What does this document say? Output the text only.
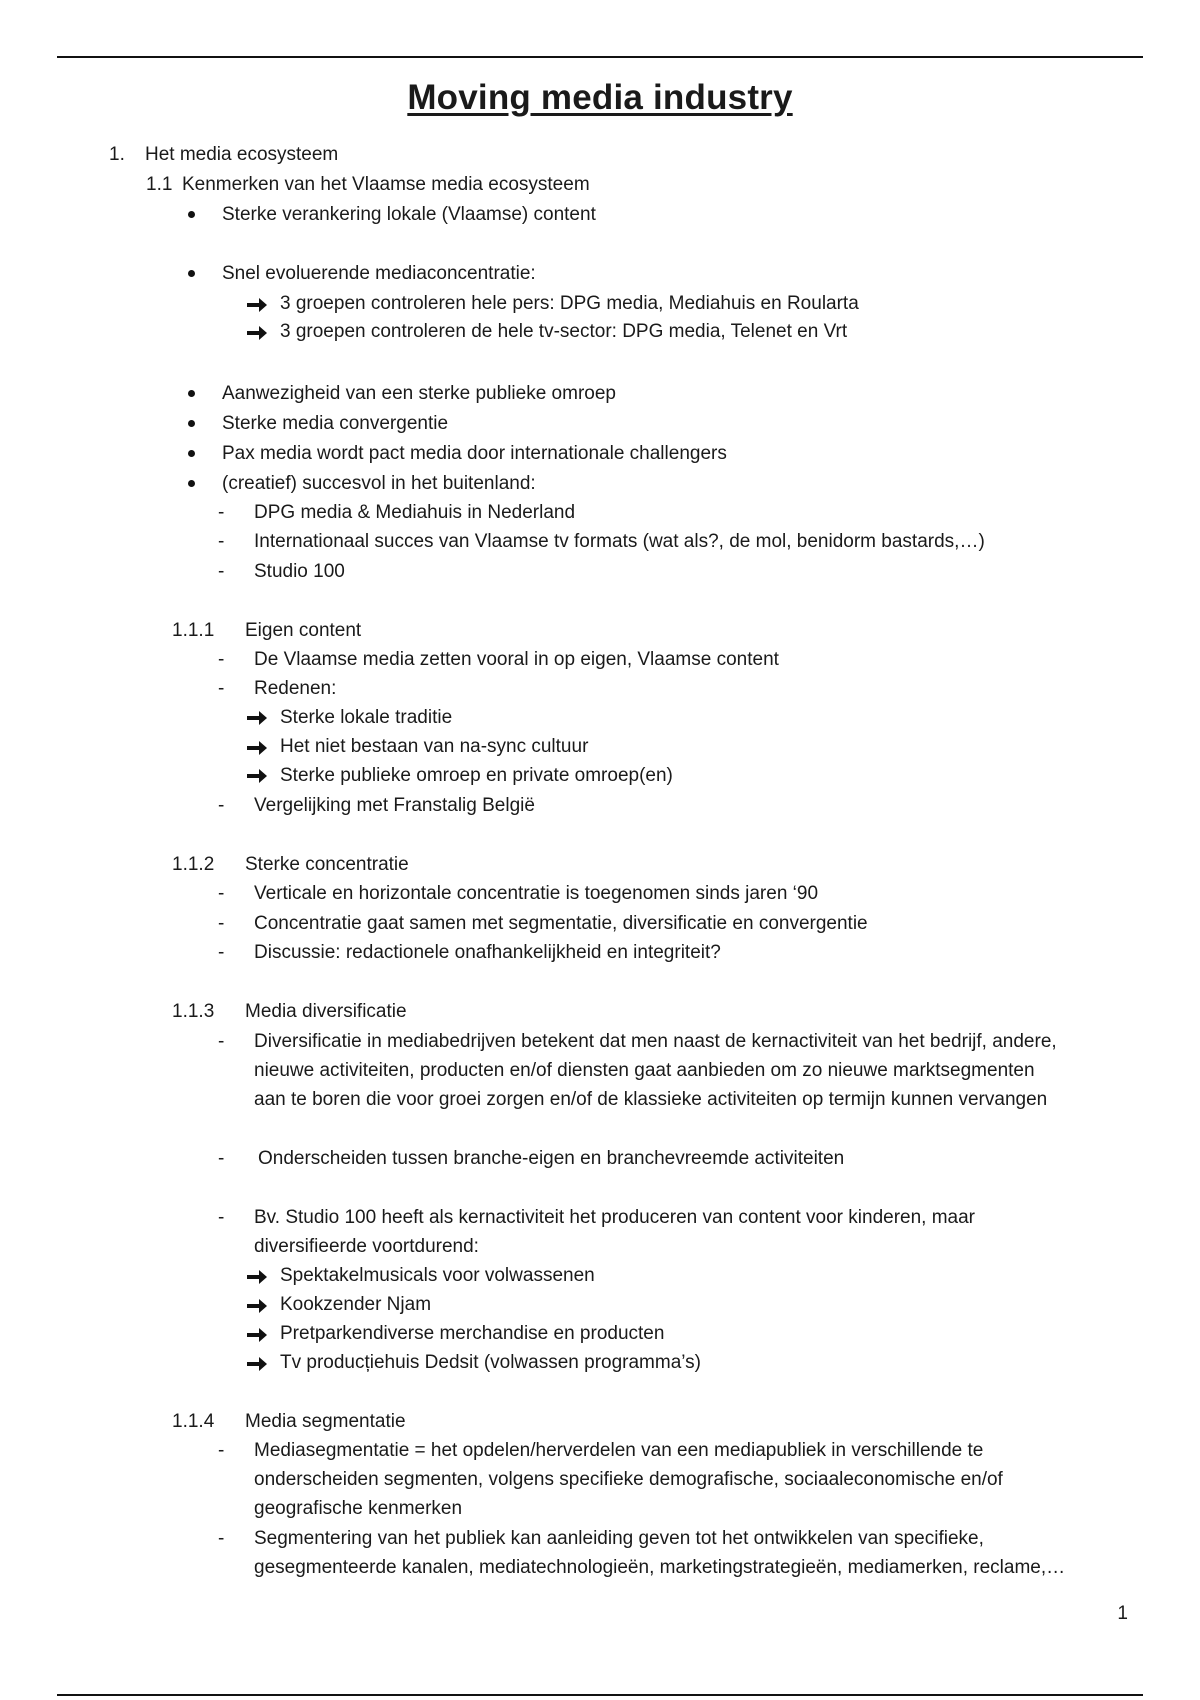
Moving media industry
1. Het media ecosysteem
1.1 Kenmerken van het Vlaamse media ecosysteem
Sterke verankering lokale (Vlaamse) content
Snel evoluerende mediaconcentratie:
3 groepen controleren hele pers: DPG media, Mediahuis en Roularta
3 groepen controleren de hele tv-sector: DPG media, Telenet en Vrt
Aanwezigheid van een sterke publieke omroep
Sterke media convergentie
Pax media wordt pact media door internationale challengers
(creatief) succesvol in het buitenland:
- DPG media & Mediahuis in Nederland
- Internationaal succes van Vlaamse tv formats (wat als?, de mol, benidorm bastards,…)
- Studio 100
1.1.1 Eigen content
- De Vlaamse media zetten vooral in op eigen, Vlaamse content
- Redenen:
Sterke lokale traditie
Het niet bestaan van na-sync cultuur
Sterke publieke omroep en private omroep(en)
- Vergelijking met Franstalig België
1.1.2 Sterke concentratie
- Verticale en horizontale concentratie is toegenomen sinds jaren ‘90
- Concentratie gaat samen met segmentatie, diversificatie en convergentie
- Discussie: redactionele onafhankelijkheid en integriteit?
1.1.3 Media diversificatie
- Diversificatie in mediabedrijven betekent dat men naast de kernactiviteit van het bedrijf, andere,
nieuwe activiteiten, producten en/of diensten gaat aanbieden om zo nieuwe marktsegmenten
aan te boren die voor groei zorgen en/of de klassieke activiteiten op termijn kunnen vervangen
- Onderscheiden tussen branche-eigen en branchevreemde activiteiten
- Bv. Studio 100 heeft als kernactiviteit het produceren van content voor kinderen, maar
diversifieerde voortdurend:
Spektakelmusicals voor volwassenen
Kookzender Njam
Pretparkendiverse merchandise en producten
Tv producțiehuis Dedsit (volwassen programma’s)
1.1.4 Media segmentatie
- Mediasegmentatie = het opdelen/herverdelen van een mediapubliek in verschillende te
onderscheiden segmenten, volgens specifieke demografische, sociaaleconomische en/of
geografische kenmerken
- Segmentering van het publiek kan aanleiding geven tot het ontwikkelen van specifieke,
gesegmenteerde kanalen, mediatechnologieën, marketingstrategieën, mediamerken, reclame,…
1
